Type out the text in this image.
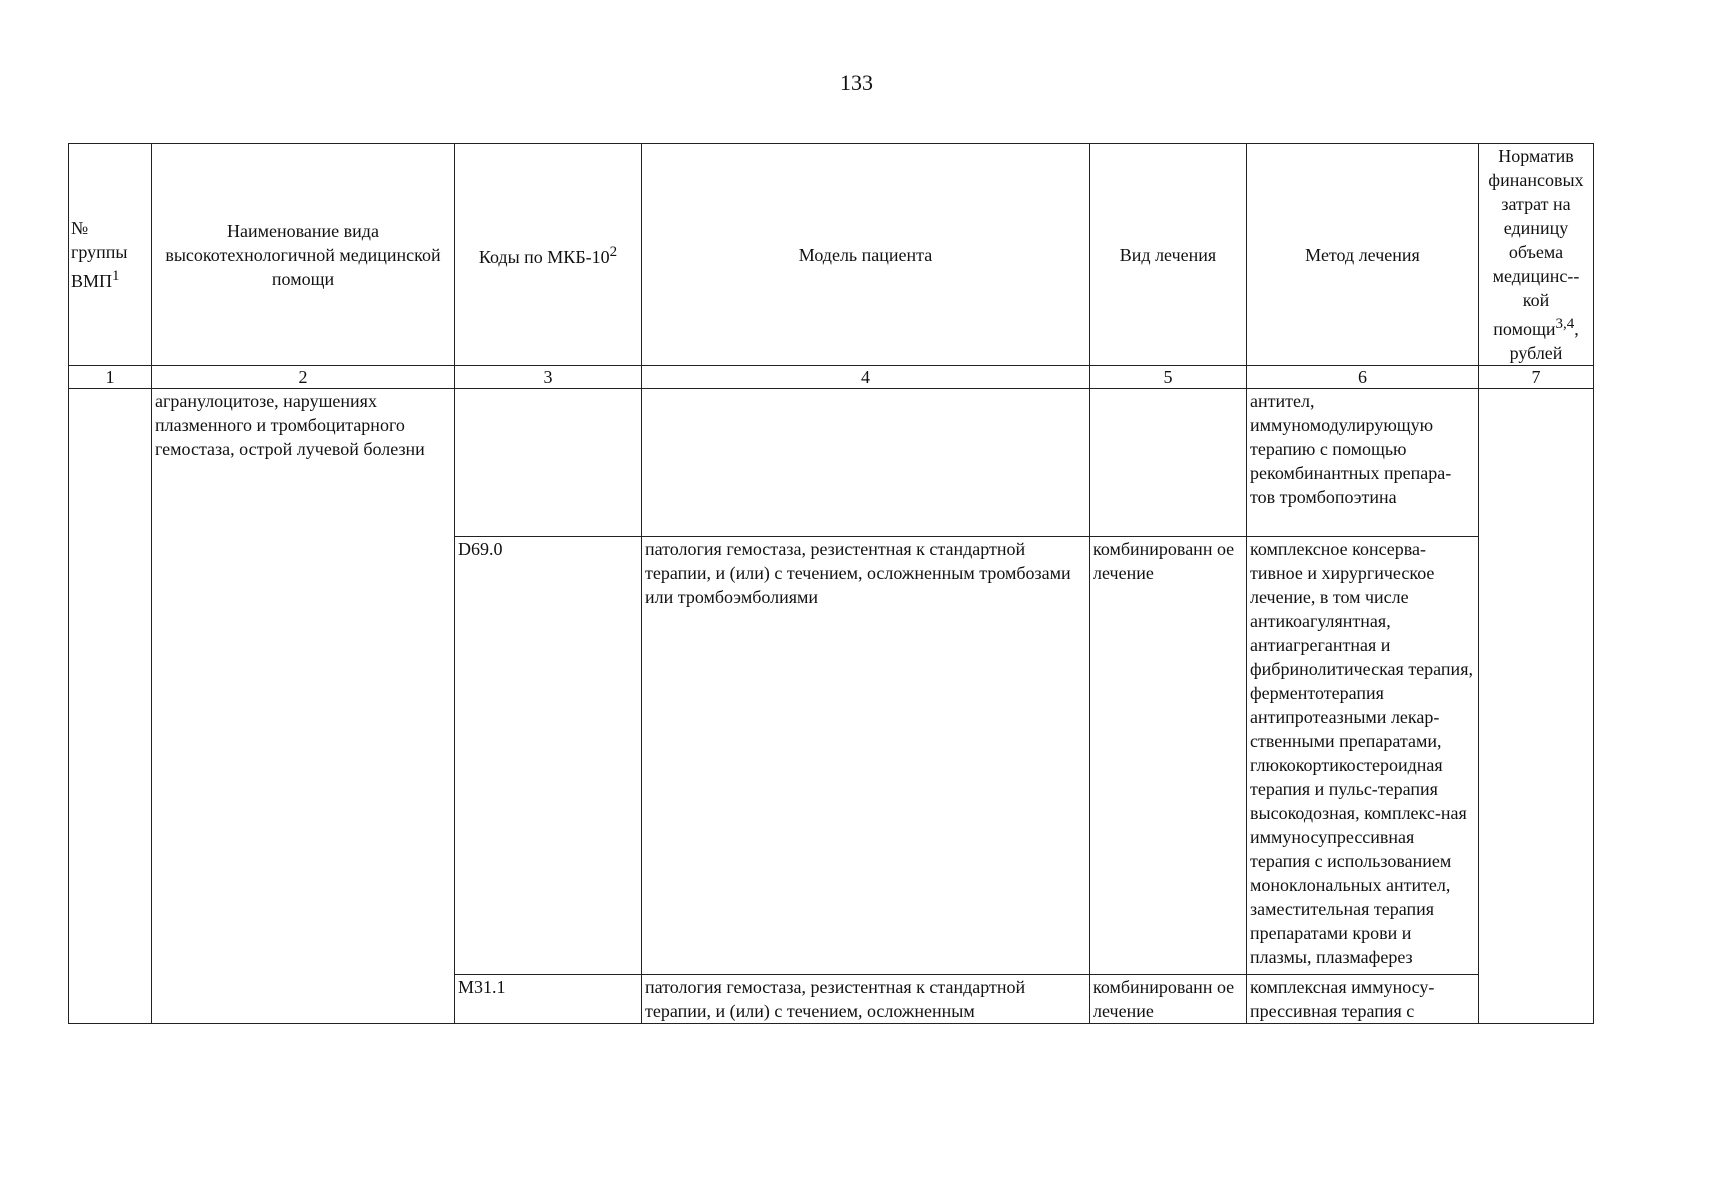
133
№ группы ВМП$^1$	Наименование вида высокотехнологичной медицинской помощи	Коды по МКБ-$10^2$	Модель пациента	Вид лечения	Метод лечения	Норматив финансовых затрат на единицу объема медицинс-- кой помощи$^{3,4}$, рублей
1	2	3	4	5	6	7
	агранулоцитозе, нарушениях плазменного и тромбоцитарного гемостаза, острой лучевой болезни				антител, иммуномодулирующую терапию с помощью рекомбинантных препара-тов тромбопоэтина	
		D69.0	патология гемостаза, резистентная к стандартной терапии, и (или) с течением, осложненным тромбозами или тромбоэмболиями	комбинированн ое лечение	комплексное консерва-тивное и хирургическое лечение, в том числе антикоагулянтная, антиагрегантная и фибринолитическая терапия, ферментотерапия антипротеазными лекар-ственными препаратами, глюкокортикостероидная терапия и пульс-терапия высокодозная, комплекс-ная иммуносупрессивная терапия с использованием моноклональных антител, заместительная терапия препаратами крови и плазмы, плазмаферез	
		M31.1	патология гемостаза, резистентная к стандартной терапии, и (или) с течением, осложненным	комбинированн ое лечение	комплексная иммуносу-прессивная терапия с	
